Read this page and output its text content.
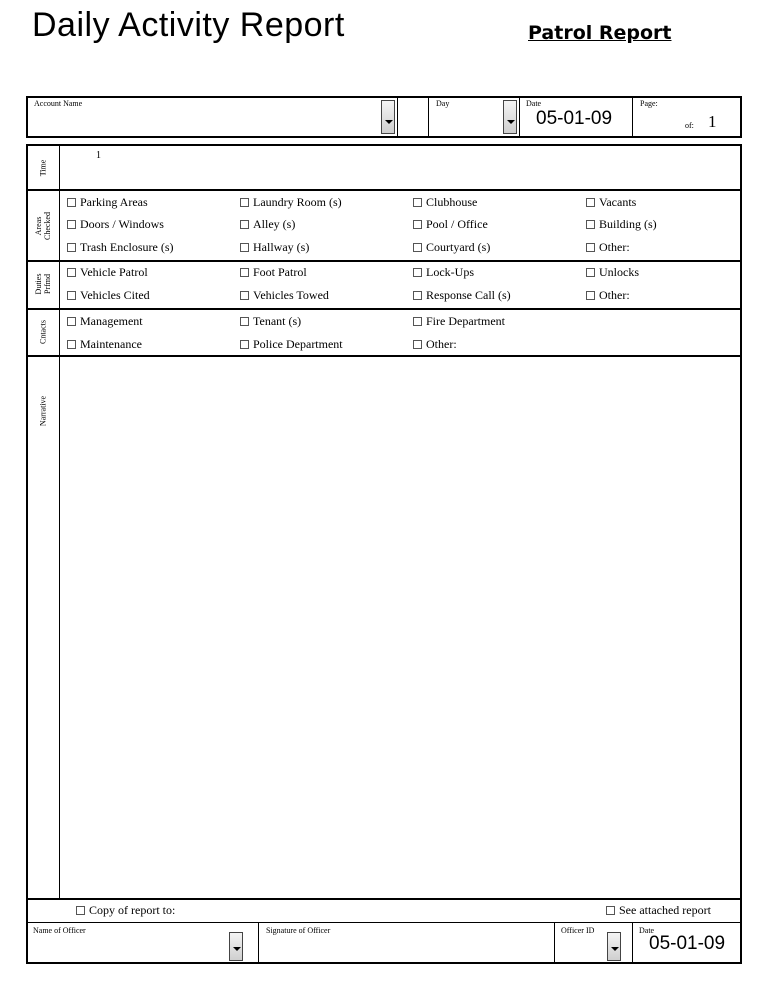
Daily Activity Report	Patrol Report
Account Name	Day	Date
05-01-09
Page:
of: 1
Time
1
Areas Checked
Duties Prfmd
Cntacts
Narrative
Parking Areas	Laundry Room (s)	Clubhouse	Vacants
Doors / Windows	Alley (s)	Pool / Office	Building (s)
Trash Enclosure (s)	Hallway (s)	Courtyard (s)	Other:
Vehicle Patrol	Foot Patrol	Lock-Ups	Unlocks
Vehicles Cited	Vehicles Towed	Response Call (s)	Other:
Management	Tenant (s)	Fire Department
Maintenance	Police Department	Other:
Copy of report to:	See attached report
Name of Officer	Signature of Officer	Officer ID	Date
05-01-09
